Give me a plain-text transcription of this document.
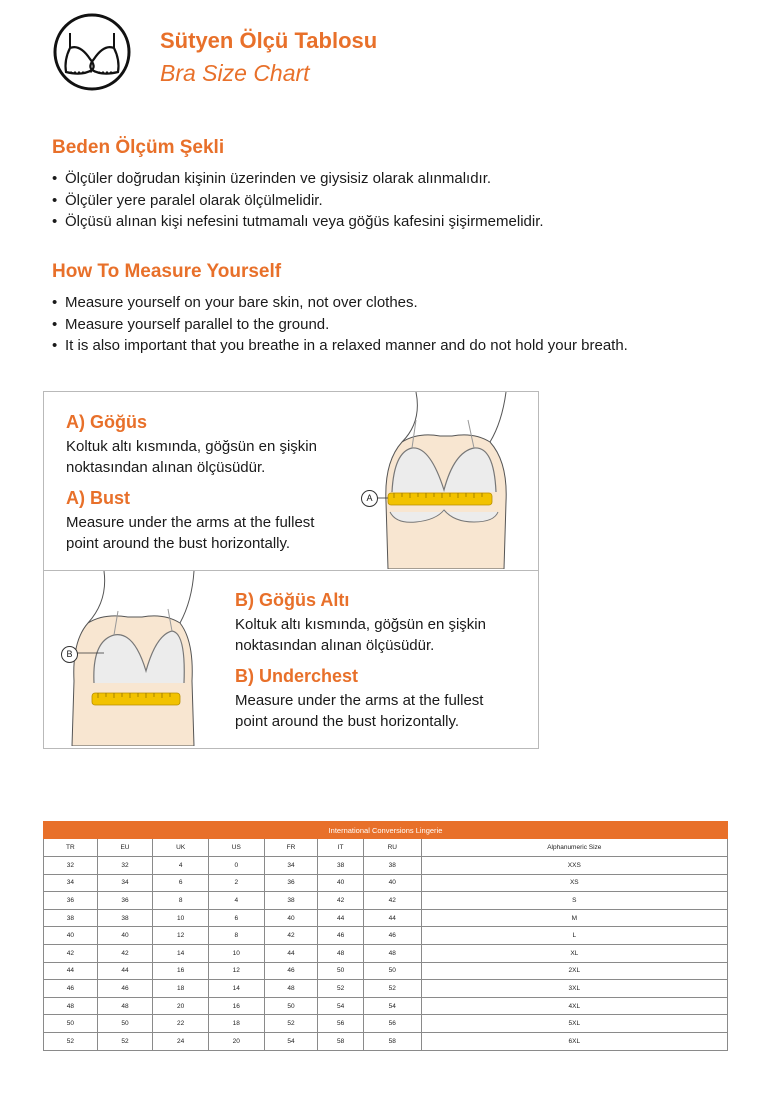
Sütyen Ölçü Tablosu
Bra Size Chart
Beden Ölçüm Şekli
• Ölçüler doğrudan kişinin üzerinden ve giysisiz olarak alınmalıdır.
• Ölçüler yere paralel olarak ölçülmelidir.
• Ölçüsü alınan kişi nefesini tutmamalı veya göğüs kafesini şişirmemelidir.
How To Measure Yourself
• Measure yourself on your bare skin, not over clothes.
• Measure yourself parallel to the ground.
• It is also important that you breathe in a relaxed manner and do not hold your breath.
A) Göğüs
Koltuk altı kısmında, göğsün en şişkin
noktasından alınan ölçüsüdür.
A) Bust
Measure under the arms at the fullest
point around the bust horizontally.
A
B
B) Göğüs Altı
Koltuk altı kısmında, göğsün en şişkin
noktasından alınan ölçüsüdür.
B) Underchest
Measure under the arms at the fullest
point around the bust horizontally.
International Conversions Lingerie							
TR	EU	UK	US	FR	IT	RU	Alphanumeric Size
32	32	4	0	34	38	38	XXS
34	34	6	2	36	40	40	XS
36	36	8	4	38	42	42	S
38	38	10	6	40	44	44	M
40	40	12	8	42	46	46	L
42	42	14	10	44	48	48	XL
44	44	16	12	46	50	50	2XL
46	46	18	14	48	52	52	3XL
48	48	20	16	50	54	54	4XL
50	50	22	18	52	56	56	5XL
52	52	24	20	54	58	58	6XL
